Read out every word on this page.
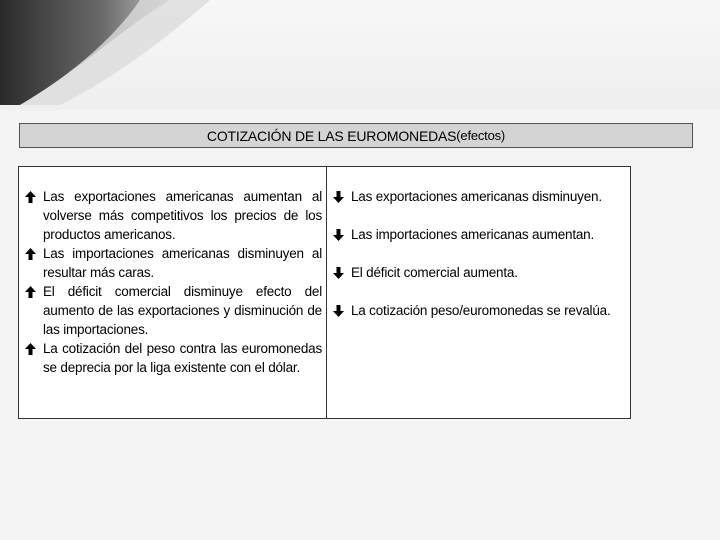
COTIZACIÓN DE LAS EUROMONEDAS (efectos)
Las exportaciones americanas aumentan al volverse más competitivos los precios de los productos americanos.
Las importaciones americanas disminuyen al resultar más caras.
El déficit comercial disminuye efecto del aumento de las exportaciones y disminución de las importaciones.
La cotización del peso contra las euromonedas se deprecia por la liga existente con el dólar.
Las exportaciones americanas disminuyen.
Las importaciones americanas aumentan.
El déficit comercial aumenta.
La cotización peso/euromonedas se revalúa.
